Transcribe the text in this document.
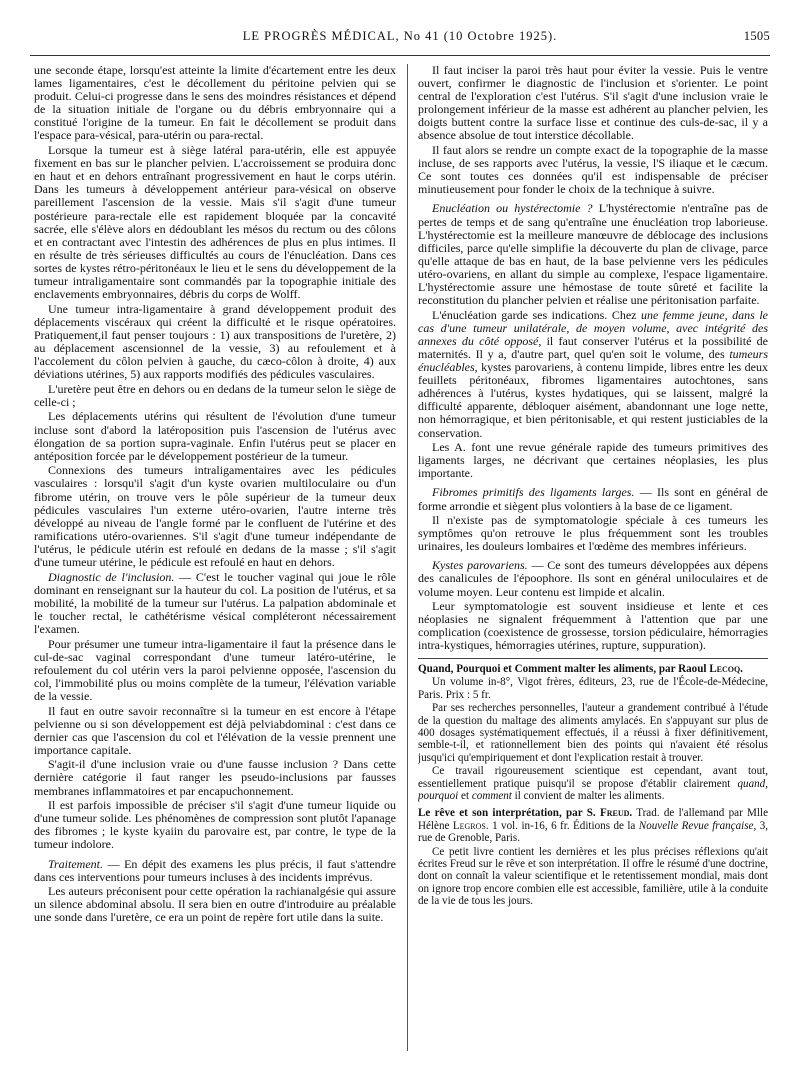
LE PROGRÈS MÉDICAL, No 41 (10 Octobre 1925).	1505

une seconde étape, lorsqu'est atteinte la limite d'écartement entre les deux lames ligamentaires, c'est le décollement du péritoine pelvien qui se produit. Celui-ci progresse dans le sens des moindres résistances et dépend de la situation initiale de l'organe ou du débris embryonnaire qui a constitué l'origine de la tumeur. En fait le décollement se produit dans l'espace para-vésical, para-utérin ou para-rectal.

Lorsque la tumeur est à siège latéral para-utérin, elle est appuyée fixement en bas sur le plancher pelvien. L'accroissement se produira donc en haut et en dehors entraînant progressivement en haut le corps utérin. Dans les tumeurs à développement antérieur para-vésical on observe pareillement l'ascension de la vessie. Mais s'il s'agit d'une tumeur postérieure para-rectale elle est rapidement bloquée par la concavité sacrée, elle s'élève alors en dédoublant les mésos du rectum ou des côlons et en contractant avec l'intestin des adhérences de plus en plus intimes. Il en résulte de très sérieuses difficultés au cours de l'énucléation. Dans ces sortes de kystes rétro-péritonéaux le lieu et le sens du développement de la tumeur intraligamentaire sont commandés par la topographie initiale des enclavements embryonnaires, débris du corps de Wolff.

Une tumeur intra-ligamentaire à grand développement produit des déplacements viscéraux qui créent la difficulté et le risque opératoires. Pratiquement,il faut penser toujours : 1) aux transpositions de l'uretère, 2) au déplacement ascensionnel de la vessie, 3) au refoulement et à l'accolement du côlon pelvien à gauche, du cæco-côlon à droite, 4) aux déviations utérines, 5) aux rapports modifiés des pédicules vasculaires.

L'uretère peut être en dehors ou en dedans de la tumeur selon le siège de celle-ci ;

Les déplacements utérins qui résultent de l'évolution d'une tumeur incluse sont d'abord la latéroposition puis l'ascension de l'utérus avec élongation de sa portion supra-vaginale. Enfin l'utérus peut se placer en antéposition forcée par le développement postérieur de la tumeur.

Connexions des tumeurs intraligamentaires avec les pédicules vasculaires : lorsqu'il s'agit d'un kyste ovarien multiloculaire ou d'un fibrome utérin, on trouve vers le pôle supérieur de la tumeur deux pédicules vasculaires l'un externe utéro-ovarien, l'autre interne très développé au niveau de l'angle formé par le confluent de l'utérine et des ramifications utéro-ovariennes. S'il s'agit d'une tumeur indépendante de l'utérus, le pédicule utérin est refoulé en dedans de la masse ; s'il s'agit d'une tumeur utérine, le pédicule est refoulé en haut en dehors.

Diagnostic de l'inclusion. — C'est le toucher vaginal qui joue le rôle dominant en renseignant sur la hauteur du col. La position de l'utérus, et sa mobilité, la mobilité de la tumeur sur l'utérus. La palpation abdominale et le toucher rectal, le cathétérisme vésical compléteront nécessairement l'examen.

Pour présumer une tumeur intra-ligamentaire il faut la présence dans le cul-de-sac vaginal correspondant d'une tumeur latéro-utérine, le refoulement du col utérin vers la paroi pelvienne opposée, l'ascension du col, l'immobilité plus ou moins complète de la tumeur, l'élévation variable de la vessie.

Il faut en outre savoir reconnaître si la tumeur en est encore à l'étape pelvienne ou si son développement est déjà pelviabdominal : c'est dans ce dernier cas que l'ascension du col et l'élévation de la vessie prennent une importance capitale.

S'agit-il d'une inclusion vraie ou d'une fausse inclusion ? Dans cette dernière catégorie il faut ranger les pseudo-inclusions par fausses membranes inflammatoires et par encapuchonnement.

Il est parfois impossible de préciser s'il s'agit d'une tumeur liquide ou d'une tumeur solide. Les phénomènes de compression sont plutôt l'apanage des fibromes ; le kyste kyaiin du parovaire est, par contre, le type de la tumeur indolore.

Traitement. — En dépit des examens les plus précis, il faut s'attendre dans ces interventions pour tumeurs incluses à des incidents imprévus.

Les auteurs préconisent pour cette opération la rachianalgésie qui assure un silence abdominal absolu. Il sera bien en outre d'introduire au préalable une sonde dans l'uretère, ce era un point de repère fort utile dans la suite.

Il faut inciser la paroi très haut pour éviter la vessie. Puis le ventre ouvert, confirmer le diagnostic de l'inclusion et s'orienter. Le point central de l'exploration c'est l'utérus. S'il s'agit d'une inclusion vraie le prolongement inférieur de la masse est adhérent au plancher pelvien, les doigts buttent contre la surface lisse et continue des culs-de-sac, il y a absence absolue de tout interstice décollable.

Il faut alors se rendre un compte exact de la topographie de la masse incluse, de ses rapports avec l'utérus, la vessie, l'S iliaque et le cæcum. Ce sont toutes ces données qu'il est indispensable de préciser minutieusement pour fonder le choix de la technique à suivre.

Enucléation ou hystérectomie ? L'hystérectomie n'entraîne pas de pertes de temps et de sang qu'entraîne une énucléation trop laborieuse. L'hystérectomie est la meilleure manœuvre de déblocage des inclusions difficiles, parce qu'elle simplifie la découverte du plan de clivage, parce qu'elle attaque de bas en haut, de la base pelvienne vers les pédicules utéro-ovariens, en allant du simple au complexe, l'espace ligamentaire. L'hystérectomie assure une hémostase de toute sûreté et facilite la reconstitution du plancher pelvien et réalise une péritonisation parfaite.

L'énucléation garde ses indications. Chez une femme jeune, dans le cas d'une tumeur unilatérale, de moyen volume, avec intégrité des annexes du côté opposé, il faut conserver l'utérus et la possibilité de maternités. Il y a, d'autre part, quel qu'en soit le volume, des tumeurs énucléables, kystes parovariens, à contenu limpide, libres entre les deux feuillets péritonéaux, fibromes ligamentaires autochtones, sans adhérences à l'utérus, kystes hydatiques, qui se laissent, malgré la difficulté apparente, débloquer aisément, abandonnant une loge nette, non hémorragique, et bien péritonisable, et qui restent justiciables de la conservation.

Les A. font une revue générale rapide des tumeurs primitives des ligaments larges, ne décrivant que certaines néoplasies, les plus importante.

Fibromes primitifs des ligaments larges. — Ils sont en général de forme arrondie et siègent plus volontiers à la base de ce ligament.

Il n'existe pas de symptomatologie spéciale à ces tumeurs les symptômes qu'on retrouve le plus fréquemment sont les troubles urinaires, les douleurs lombaires et l'œdème des membres inférieurs.

Kystes parovariens. — Ce sont des tumeurs développées aux dépens des canalicules de l'époophore. Ils sont en général uniloculaires et de volume moyen. Leur contenu est limpide et alcalin.

Leur symptomatologie est souvent insidieuse et lente et ces néoplasies ne signalent fréquemment à l'attention que par une complication (coexistence de grossesse, torsion pédiculaire, hémorragies intra-kystiques, hémorragies utérines, rupture, suppuration).

Quand, Pourquoi et Comment malter les aliments, par Raoul Lecoq.

Un volume in-8°, Vigot frères, éditeurs, 23, rue de l'École-de-Médecine, Paris. Prix : 5 fr.

Par ses recherches personnelles, l'auteur a grandement contribué à l'étude de la question du maltage des aliments amylacés. En s'appuyant sur plus de 400 dosages systématiquement effectués, il a réussi à fixer définitivement, semble-t-il, et rationnellement bien des points qui n'avaient été résolus jusqu'ici qu'empiriquement et dont l'explication restait à trouver.

Ce travail rigoureusement scientique est cependant, avant tout, essentiellement pratique puisqu'il se propose d'établir clairement quand, pourquoi et comment il convient de malter les aliments.

Le rêve et son interprétation, par S. Freud. Trad. de l'allemand par Mlle Hélène Legros. 1 vol. in-16, 6 fr. Éditions de la Nouvelle Revue française, 3, rue de Grenoble, Paris.

Ce petit livre contient les dernières et les plus précises réflexions qu'ait écrites Freud sur le rêve et son interprétation. Il offre le résumé d'une doctrine, dont on connaît la valeur scientifique et le retentissement mondial, mais dont on ignore trop encore combien elle est accessible, familière, utile à la conduite de la vie de tous les jours.
